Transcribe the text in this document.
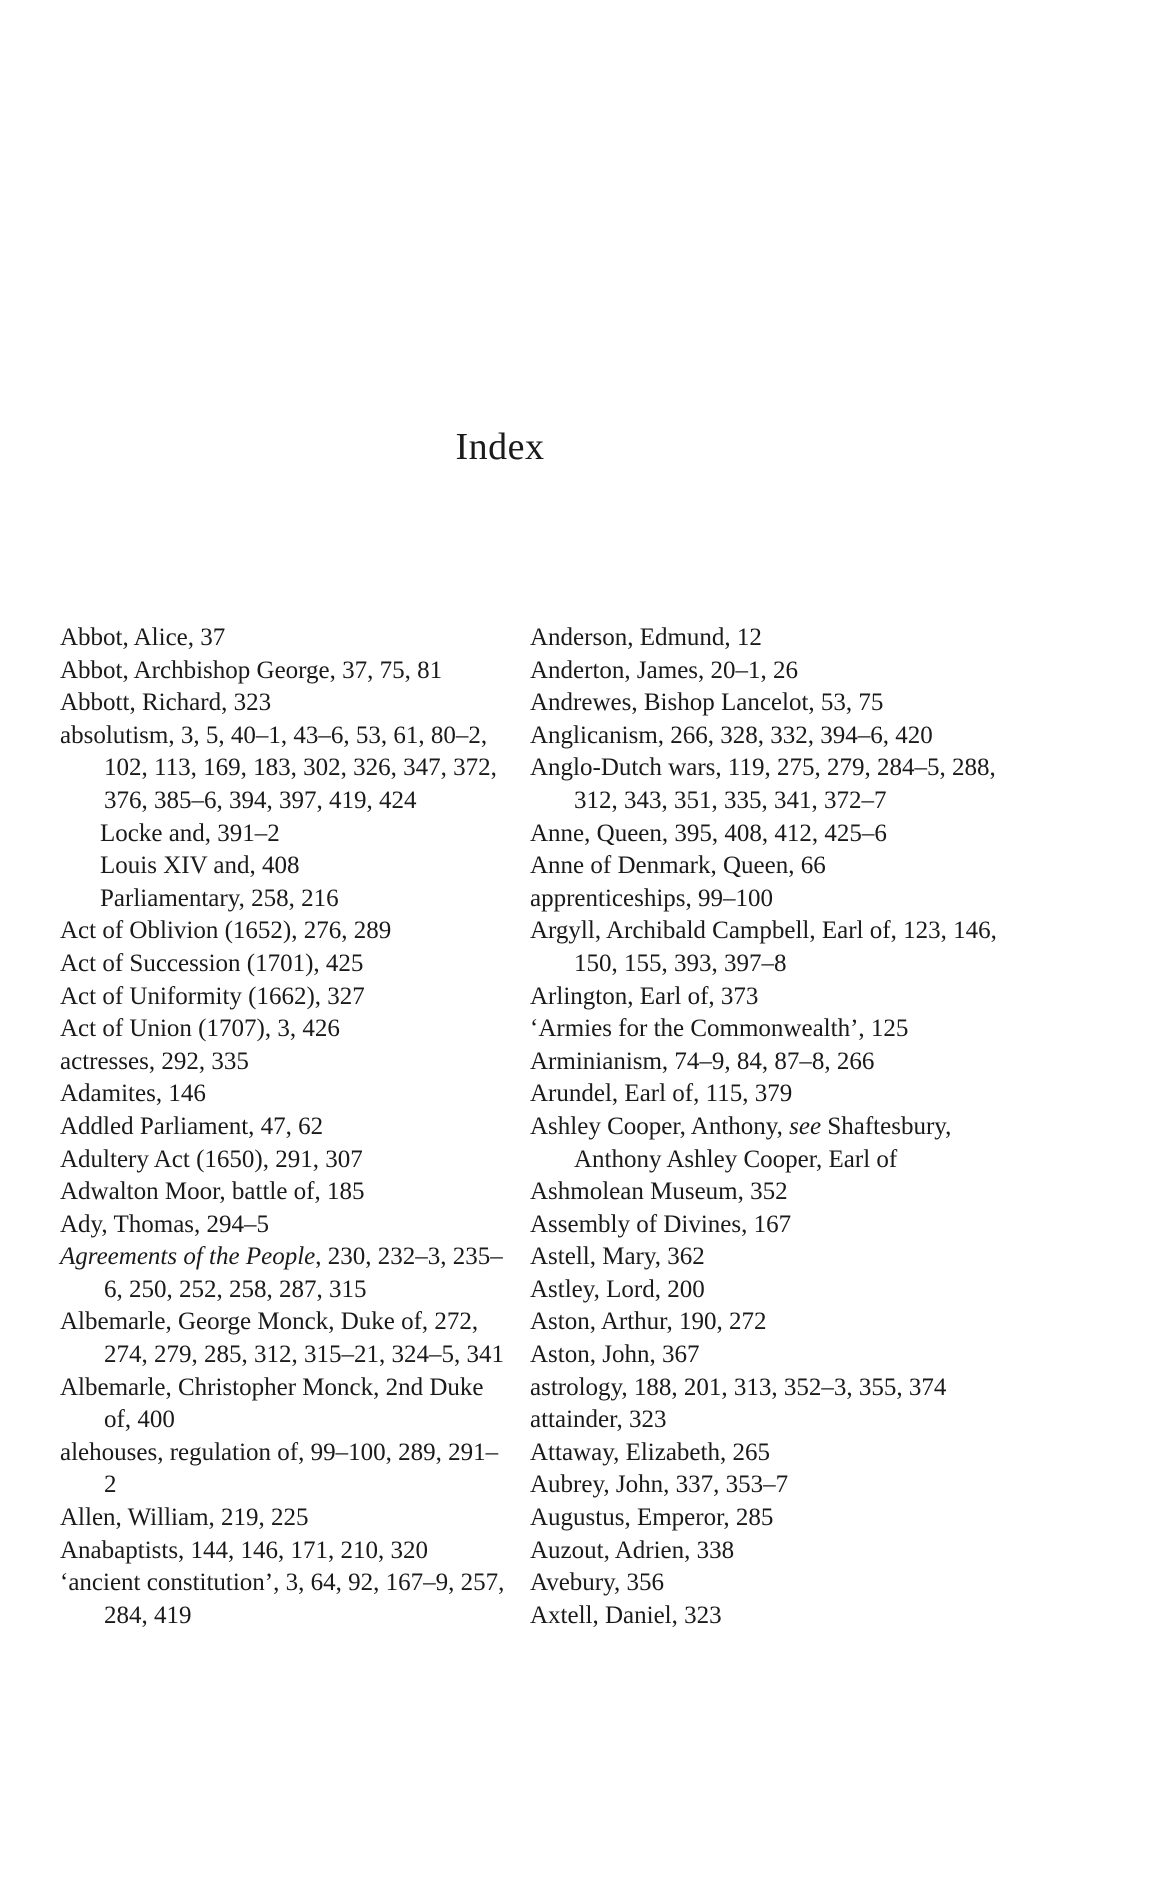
Index
Abbot, Alice, 37
Abbot, Archbishop George, 37, 75, 81
Abbott, Richard, 323
absolutism, 3, 5, 40–1, 43–6, 53, 61, 80–2, 102, 113, 169, 183, 302, 326, 347, 372, 376, 385–6, 394, 397, 419, 424
Locke and, 391–2
Louis XIV and, 408
Parliamentary, 258, 216
Act of Oblivion (1652), 276, 289
Act of Succession (1701), 425
Act of Uniformity (1662), 327
Act of Union (1707), 3, 426
actresses, 292, 335
Adamites, 146
Addled Parliament, 47, 62
Adultery Act (1650), 291, 307
Adwalton Moor, battle of, 185
Ady, Thomas, 294–5
Agreements of the People, 230, 232–3, 235–6, 250, 252, 258, 287, 315
Albemarle, George Monck, Duke of, 272, 274, 279, 285, 312, 315–21, 324–5, 341
Albemarle, Christopher Monck, 2nd Duke of, 400
alehouses, regulation of, 99–100, 289, 291–2
Allen, William, 219, 225
Anabaptists, 144, 146, 171, 210, 320
‘ancient constitution’, 3, 64, 92, 167–9, 257, 284, 419
Anderson, Edmund, 12
Anderton, James, 20–1, 26
Andrewes, Bishop Lancelot, 53, 75
Anglicanism, 266, 328, 332, 394–6, 420
Anglo-Dutch wars, 119, 275, 279, 284–5, 288, 312, 343, 351, 335, 341, 372–7
Anne, Queen, 395, 408, 412, 425–6
Anne of Denmark, Queen, 66
apprenticeships, 99–100
Argyll, Archibald Campbell, Earl of, 123, 146, 150, 155, 393, 397–8
Arlington, Earl of, 373
‘Armies for the Commonwealth’, 125
Arminianism, 74–9, 84, 87–8, 266
Arundel, Earl of, 115, 379
Ashley Cooper, Anthony, see Shaftesbury, Anthony Ashley Cooper, Earl of
Ashmolean Museum, 352
Assembly of Divines, 167
Astell, Mary, 362
Astley, Lord, 200
Aston, Arthur, 190, 272
Aston, John, 367
astrology, 188, 201, 313, 352–3, 355, 374
attainder, 323
Attaway, Elizabeth, 265
Aubrey, John, 337, 353–7
Augustus, Emperor, 285
Auzout, Adrien, 338
Avebury, 356
Axtell, Daniel, 323
